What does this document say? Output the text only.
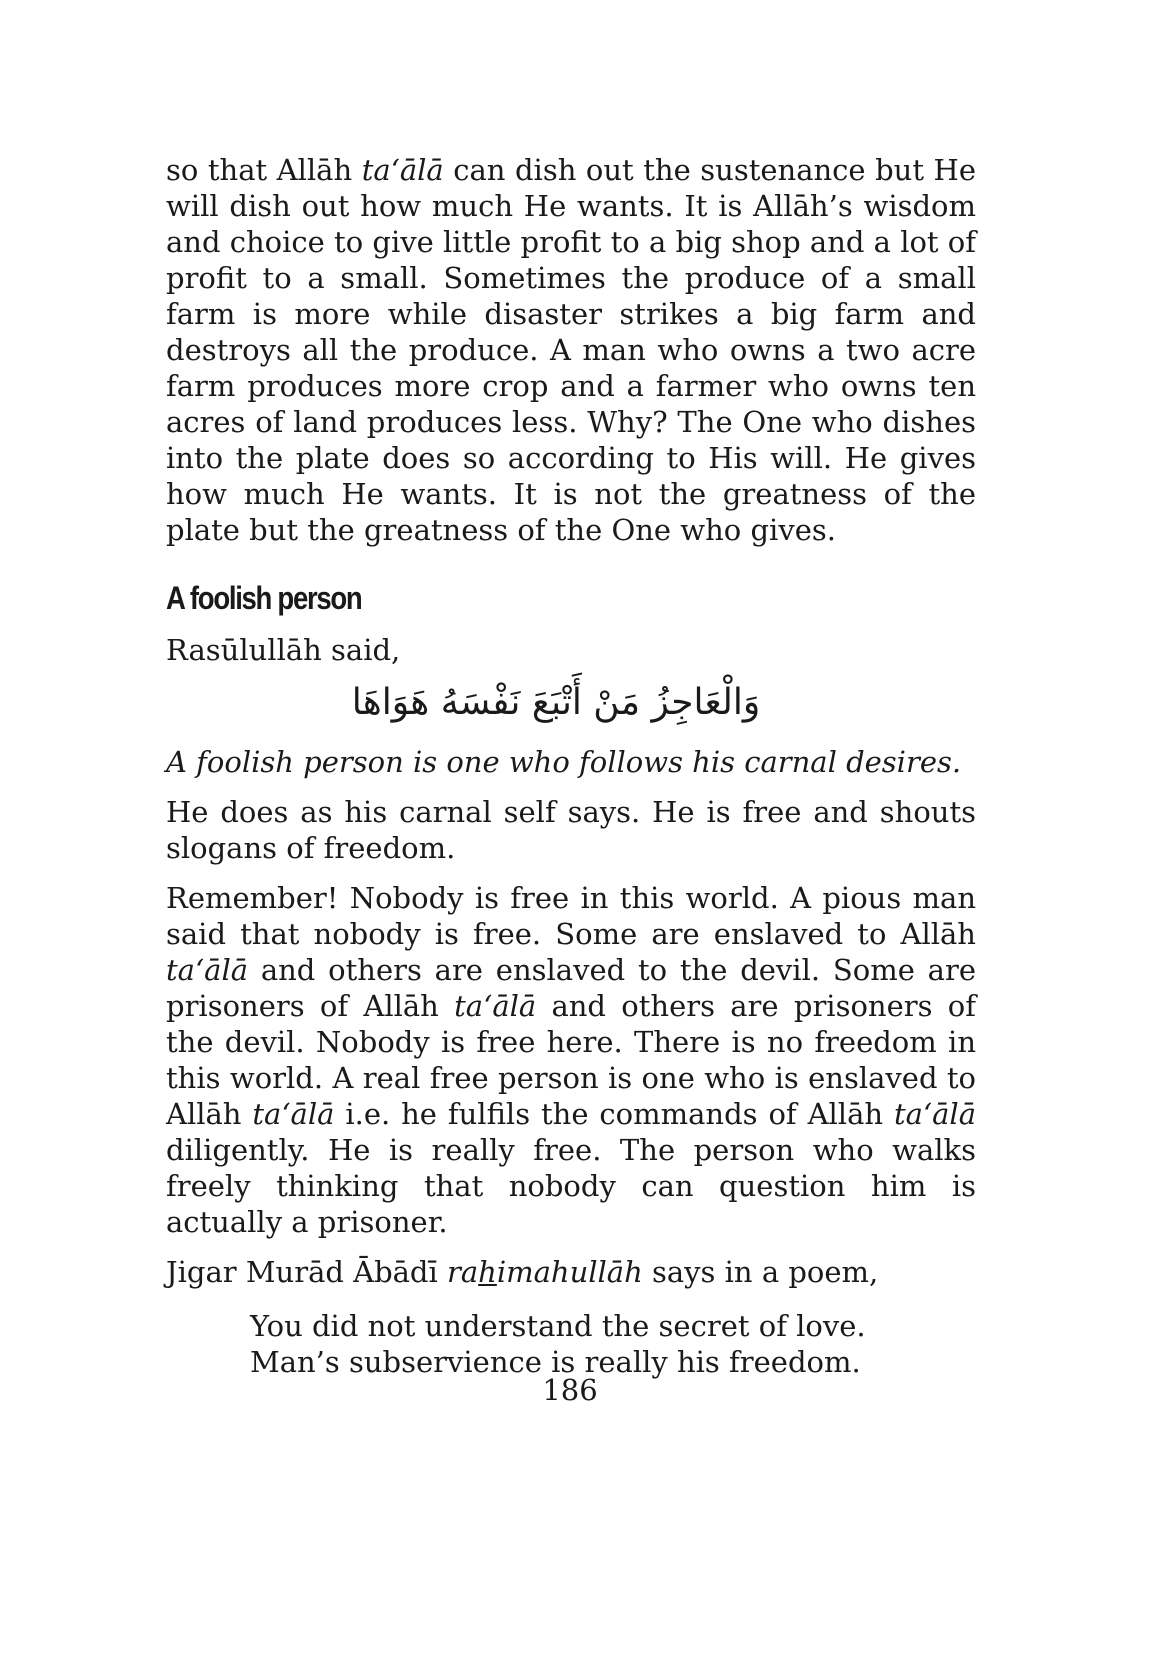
so that Allāh ta‘ālā can dish out the sustenance but He will dish out how much He wants. It is Allāh’s wisdom and choice to give little profit to a big shop and a lot of profit to a small. Sometimes the produce of a small farm is more while disaster strikes a big farm and destroys all the produce. A man who owns a two acre farm produces more crop and a farmer who owns ten acres of land produces less. Why? The One who dishes into the plate does so according to His will. He gives how much He wants. It is not the greatness of the plate but the greatness of the One who gives.

A foolish person

Rasūlullāh said,

وَالْعَاجِزُ مَنْ أَتْبَعَ نَفْسَهُ هَوَاهَا

A foolish person is one who follows his carnal desires.

He does as his carnal self says. He is free and shouts slogans of freedom.

Remember! Nobody is free in this world. A pious man said that nobody is free. Some are enslaved to Allāh ta‘ālā and others are enslaved to the devil. Some are prisoners of Allāh ta‘ālā and others are prisoners of the devil. Nobody is free here. There is no freedom in this world. A real free person is one who is enslaved to Allāh ta‘ālā i.e. he fulfils the commands of Allāh ta‘ālā diligently. He is really free. The person who walks freely thinking that nobody can question him is actually a prisoner.

Jigar Murād Ābādī rahimahullāh says in a poem,

You did not understand the secret of love.
Man’s subservience is really his freedom.
186
